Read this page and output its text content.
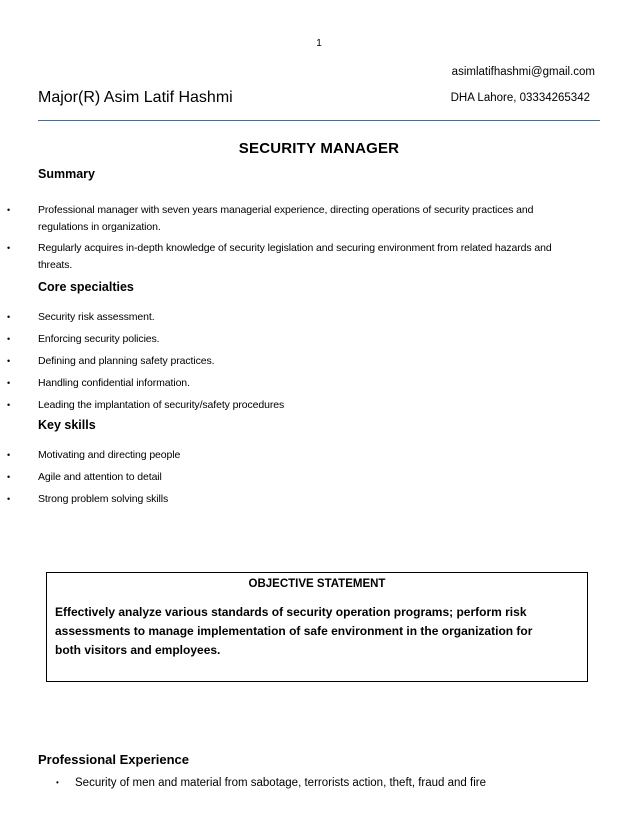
1
asimlatifhashmi@gmail.com
Major(R) Asim Latif Hashmi	DHA Lahore, 03334265342
SECURITY MANAGER
Summary
•	Professional manager with seven years managerial experience, directing operations of security practices and
regulations in organization.
•	Regularly acquires in-depth knowledge of security legislation and securing environment from related hazards and
threats.
Core specialties
•	Security risk assessment.
•	Enforcing security policies.
•	Defining and planning safety practices.
•	Handling confidential information.
•	Leading the implantation of security/safety procedures
Key skills
•	Motivating and directing people
•	Agile and attention to detail
•	Strong problem solving skills
OBJECTIVE STATEMENT
Effectively analyze various standards of security operation programs; perform risk
assessments to manage implementation of safe environment in the organization for
both visitors and employees.
Professional Experience
• Security of men and material from sabotage, terrorists action, theft, fraud and fire
